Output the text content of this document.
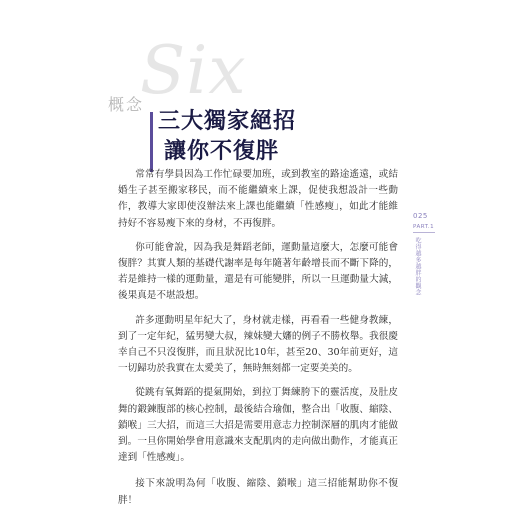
Six
概念
三大獨家絕招
讓你不復胖

常常有學員因為工作忙碌要加班，或到教室的路途遙遠，或結婚生子甚至搬家移民，而不能繼續來上課，促使我想設計一些動作，教導大家即使沒辦法來上課也能繼續「性感瘦」，如此才能維持好不容易瘦下來的身材，不再復胖。

你可能會說，因為我是舞蹈老師，運動量這麼大，怎麼可能會復胖？其實人類的基礎代謝率是每年隨著年齡增長而不斷下降的，若是維持一樣的運動量，還是有可能變胖，所以一旦運動量大減，後果真是不堪設想。

許多運動明星年紀大了，身材就走樣，再看看一些健身教練，到了一定年紀，猛男變大叔，辣妹變大嬸的例子不勝枚舉。我很慶幸自己不只沒復胖，而且狀況比10年，甚至20、30年前更好，這一切歸功於我實在太愛美了，無時無刻都一定要美美的。

從跳有氧舞蹈的提氣開始，到拉丁舞練胯下的靈活度，及肚皮舞的鍛鍊腹部的核心控制，最後結合瑜伽，整合出「收腹、縮陰、鎖喉」三大招，而這三大招是需要用意志力控制深層的肌肉才能做到。一旦你開始學會用意識來支配肌肉的走向做出動作，才能真正達到「性感瘦」。

接下來說明為何「收腹、縮陰、鎖喉」這三招能幫助你不復胖！

025
PART.1
吃得越多越胖的觀念
